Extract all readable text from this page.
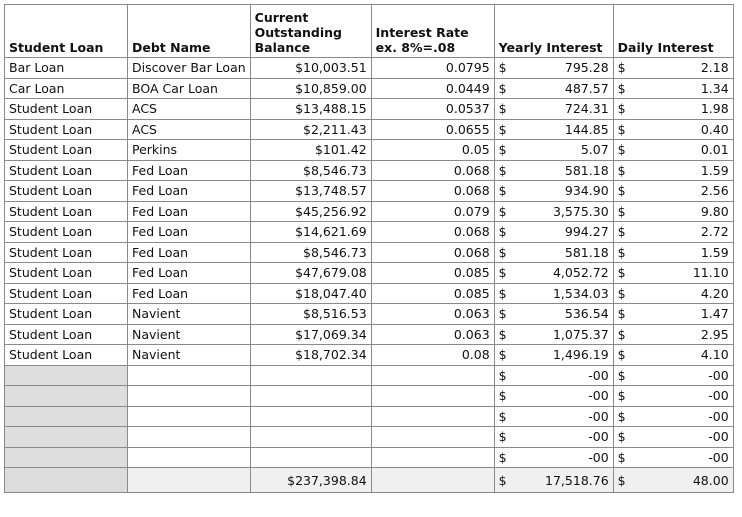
Student Loan	Debt Name	Current Outstanding Balance	Interest Rate ex. 8%=.08	Yearly Interest	Daily Interest
Bar Loan	Discover Bar Loan	$10,003.51	0.0795	$ 795.28	$ 2.18

Car Loan	BOA Car Loan	$10,859.00	0.0449	$ 487.57	$ 1.34

Student Loan	ACS	$13,488.15	0.0537	$ 724.31	$ 1.98

Student Loan	ACS	$2,211.43	0.0655	$ 144.85	$ 0.40

Student Loan	Perkins	$101.42	0.05	$ 5.07	$ 0.01

Student Loan	Fed Loan	$8,546.73	0.068	$ 581.18	$ 1.59

Student Loan	Fed Loan	$13,748.57	0.068	$ 934.90	$ 2.56

Student Loan	Fed Loan	$45,256.92	0.079	$ 3,575.30	$ 9.80

Student Loan	Fed Loan	$14,621.69	0.068	$ 994.27	$ 2.72

Student Loan	Fed Loan	$8,546.73	0.068	$ 581.18	$ 1.59

Student Loan	Fed Loan	$47,679.08	0.085	$ 4,052.72	$ 11.10

Student Loan	Fed Loan	$18,047.40	0.085	$ 1,534.03	$ 4.20

Student Loan	Navient	$8,516.53	0.063	$ 536.54	$ 1.47

Student Loan	Navient	$17,069.34	0.063	$ 1,075.37	$ 2.95

Student Loan	Navient	$18,702.34	0.08	$ 1,496.19	$ 4.10

				$ -00	$ -00

				$ -00	$ -00

				$ -00	$ -00

				$ -00	$ -00

				$ -00	$ -00

		$237,398.84		$ 17,518.76	$ 48.00
